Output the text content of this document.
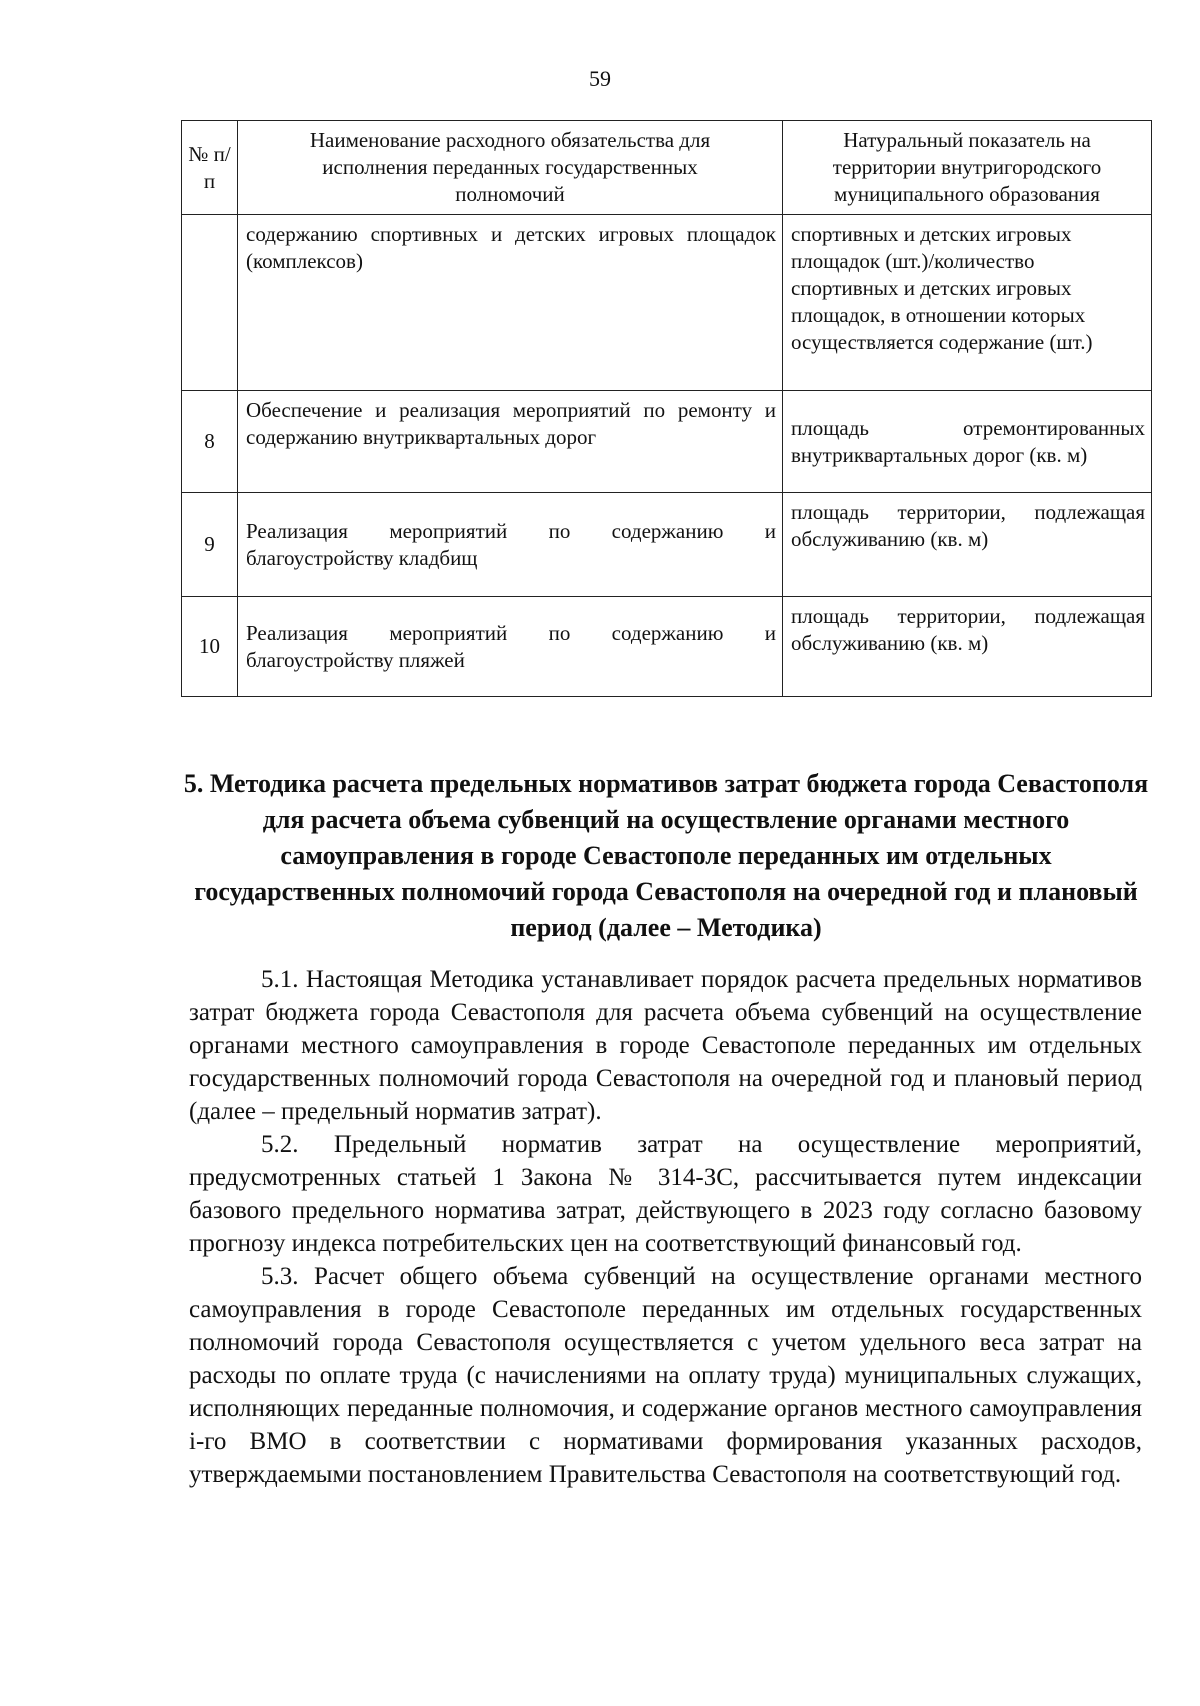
59
№ п/п	Наименование расходного обязательства для исполнения переданных государственных полномочий	Натуральный показатель на территории внутригородского муниципального образования
	содержанию спортивных и детских игровых площадок (комплексов)	спортивных и детских игровых площадок (шт.)/количество спортивных и детских игровых площадок, в отношении которых осуществляется содержание (шт.)
8	Обеспечение и реализация мероприятий по ремонту и содержанию внутриквартальных дорог	площадь отремонтированных внутриквартальных дорог (кв. м)
9	Реализация мероприятий по содержанию и благоустройству кладбищ	площадь территории, подлежащая обслуживанию (кв. м)
10	Реализация мероприятий по содержанию и благоустройству пляжей	площадь территории, подлежащая обслуживанию (кв. м)
5. Методика расчета предельных нормативов затрат бюджета города Севастополя для расчета объема субвенций на осуществление органами местного самоуправления в городе Севастополе переданных им отдельных государственных полномочий города Севастополя на очередной год и плановый период (далее – Методика)

5.1. Настоящая Методика устанавливает порядок расчета предельных нормативов затрат бюджета города Севастополя для расчета объема субвенций на осуществление органами местного самоуправления в городе Севастополе переданных им отдельных государственных полномочий города Севастополя на очередной год и плановый период (далее – предельный норматив затрат).

5.2. Предельный норматив затрат на осуществление мероприятий, предусмотренных статьей 1 Закона № 314-ЗС, рассчитывается путем индексации базового предельного норматива затрат, действующего в 2023 году согласно базовому прогнозу индекса потребительских цен на соответствующий финансовый год.

5.3. Расчет общего объема субвенций на осуществление органами местного самоуправления в городе Севастополе переданных им отдельных государственных полномочий города Севастополя осуществляется с учетом удельного веса затрат на расходы по оплате труда (с начислениями на оплату труда) муниципальных служащих, исполняющих переданные полномочия, и содержание органов местного самоуправления i-го ВМО в соответствии с нормативами формирования указанных расходов, утверждаемыми постановлением Правительства Севастополя на соответствующий год.
